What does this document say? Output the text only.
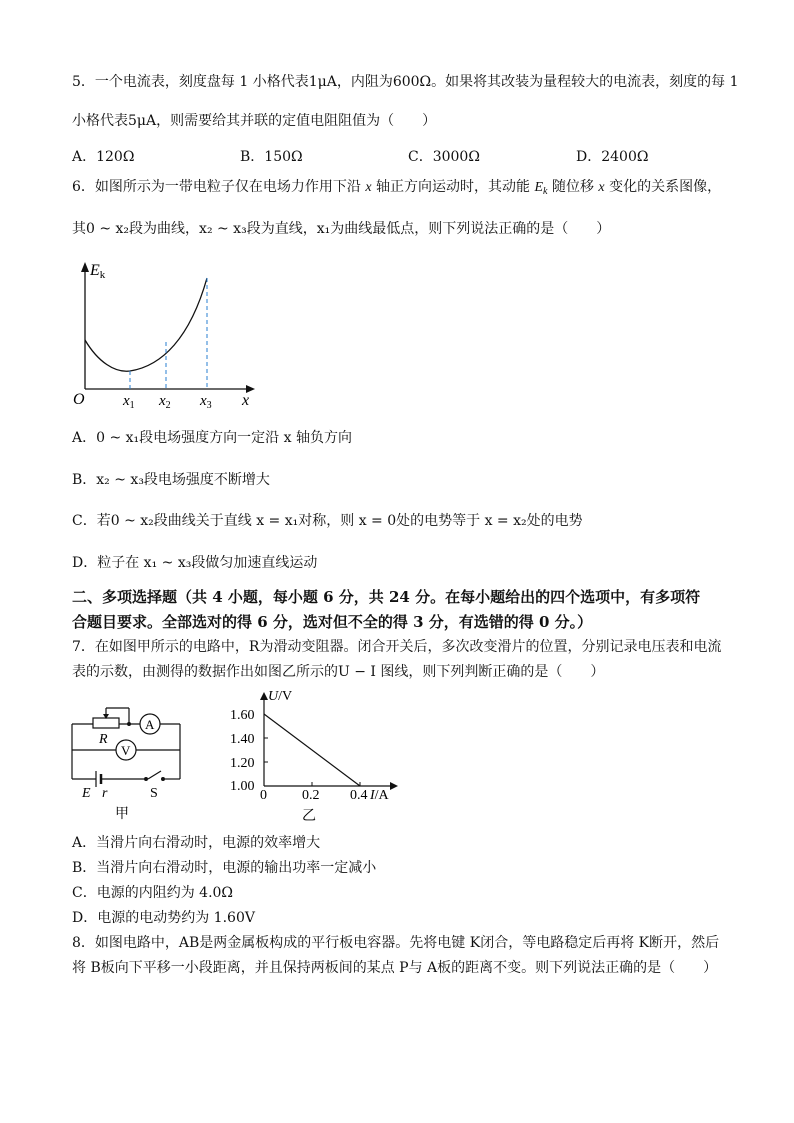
5．一个电流表，刻度盘每 1 小格代表1μA，内阻为600Ω。如果将其改装为量程较大的电流表，刻度的每 1
小格代表5μA，则需要给其并联的定值电阻阻值为（　　）
A．120Ω	B．150Ω	C．3000Ω	D．2400Ω
6．如图所示为一带电粒子仅在电场力作用下沿 x 轴正方向运动时，其动能 $E_k$ 随位移 x 变化的关系图像，
其0 ~ x₂段为曲线，x₂ ~ x₃段为直线，x₁为曲线最低点，则下列说法正确的是（　　）
Ek
O	$x_1$ $x_2$ $x_3$ x
A．0 ~ x₁段电场强度方向一定沿 x 轴负方向
B．x₂ ~ x₃段电场强度不断增大
C．若0 ~ x₂段曲线关于直线 x = x₁对称，则 x = 0处的电势等于 x = x₂处的电势
D．粒子在 x₁ ~ x₃段做匀加速直线运动
二、多项选择题（共 4 小题，每小题 6 分，共 24 分。在每小题给出的四个选项中，有多项符
合题目要求。全部选对的得 6 分，选对但不全的得 3 分，有选错的得 0 分。）
7．在如图甲所示的电路中，R为滑动变阻器。闭合开关后，多次改变滑片的位置，分别记录电压表和电流
表的示数，由测得的数据作出如图乙所示的U − I 图线，则下列判断正确的是（　　）
A
R
V
E r	S
甲
U/V
1.60
1.40
1.20
1.00
0	0.2 0.4 I/A
乙
A．当滑片向右滑动时，电源的效率增大
B．当滑片向右滑动时，电源的输出功率一定减小
C．电源的内阻约为 4.0Ω
D．电源的电动势约为 1.60V
8．如图电路中，AB是两金属板构成的平行板电容器。先将电键 K闭合，等电路稳定后再将 K断开，然后
将 B板向下平移一小段距离，并且保持两板间的某点 P与 A板的距离不变。则下列说法正确的是（　　）
